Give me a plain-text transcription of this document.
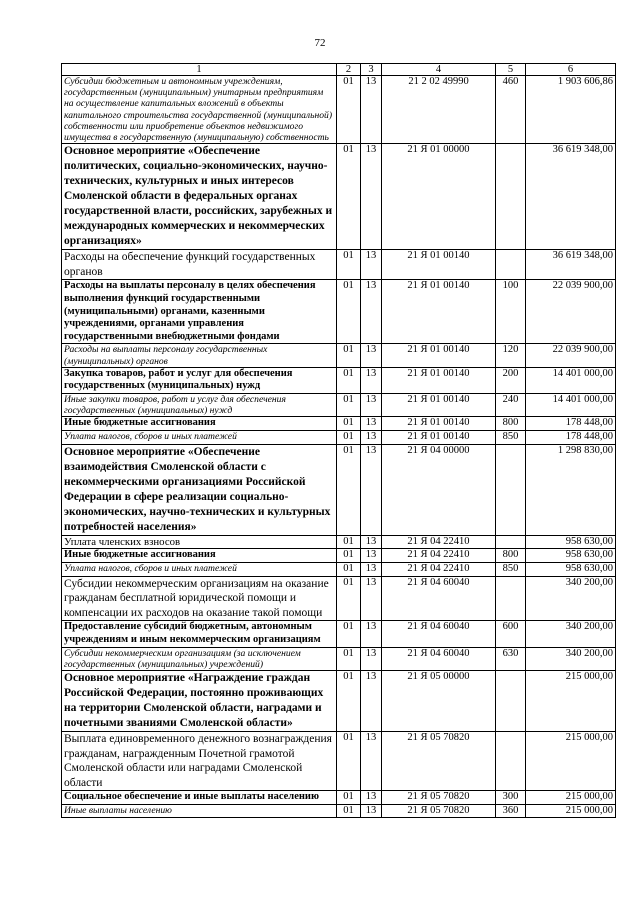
72
1	2	3	4	5	6
Субсидии бюджетным и автономным учреждениям, государственным (муниципальным) унитарным предприятиям на осуществление капитальных вложений в объекты капитального строительства государственной (муниципальной) собственности или приобретение объектов недвижимого имущества в государственную (муниципальную) собственность	01	13	21 2 02 49990	460	1 903 606,86
Основное мероприятие «Обеспечение политических, социально-экономических, научно-технических, культурных и иных интересов Смоленской области в федеральных органах государственной власти, российских, зарубежных и международных коммерческих и некоммерческих организациях»	01	13	21 Я 01 00000		36 619 348,00
Расходы на обеспечение функций государственных органов	01	13	21 Я 01 00140		36 619 348,00
Расходы на выплаты персоналу в целях обеспечения выполнения функций государственными (муниципальными) органами, казенными учреждениями, органами управления государственными внебюджетными фондами	01	13	21 Я 01 00140	100	22 039 900,00
Расходы на выплаты персоналу государственных (муниципальных) органов	01	13	21 Я 01 00140	120	22 039 900,00
Закупка товаров, работ и услуг для обеспечения государственных (муниципальных) нужд	01	13	21 Я 01 00140	200	14 401 000,00
Иные закупки товаров, работ и услуг для обеспечения государственных (муниципальных) нужд	01	13	21 Я 01 00140	240	14 401 000,00
Иные бюджетные ассигнования	01	13	21 Я 01 00140	800	178 448,00
Уплата налогов, сборов и иных платежей	01	13	21 Я 01 00140	850	178 448,00
Основное мероприятие «Обеспечение взаимодействия Смоленской области с некоммерческими организациями Российской Федерации в сфере реализации социально-экономических, научно-технических и культурных потребностей населения»	01	13	21 Я 04 00000		1 298 830,00
Уплата членских взносов	01	13	21 Я 04 22410		958 630,00
Иные бюджетные ассигнования	01	13	21 Я 04 22410	800	958 630,00
Уплата налогов, сборов и иных платежей	01	13	21 Я 04 22410	850	958 630,00
Субсидии некоммерческим организациям на оказание гражданам бесплатной юридической помощи и компенсации их расходов на оказание такой помощи	01	13	21 Я 04 60040		340 200,00
Предоставление субсидий бюджетным, автономным учреждениям и иным некоммерческим организациям	01	13	21 Я 04 60040	600	340 200,00
Субсидии некоммерческим организациям (за исключением государственных (муниципальных) учреждений)	01	13	21 Я 04 60040	630	340 200,00
Основное мероприятие «Награждение граждан Российской Федерации, постоянно проживающих на территории Смоленской области, наградами и почетными званиями Смоленской области»	01	13	21 Я 05 00000		215 000,00
Выплата единовременного денежного вознаграждения гражданам, награжденным Почетной грамотой Смоленской области или наградами Смоленской области	01	13	21 Я 05 70820		215 000,00
Социальное обеспечение и иные выплаты населению	01	13	21 Я 05 70820	300	215 000,00
Иные выплаты населению	01	13	21 Я 05 70820	360	215 000,00
